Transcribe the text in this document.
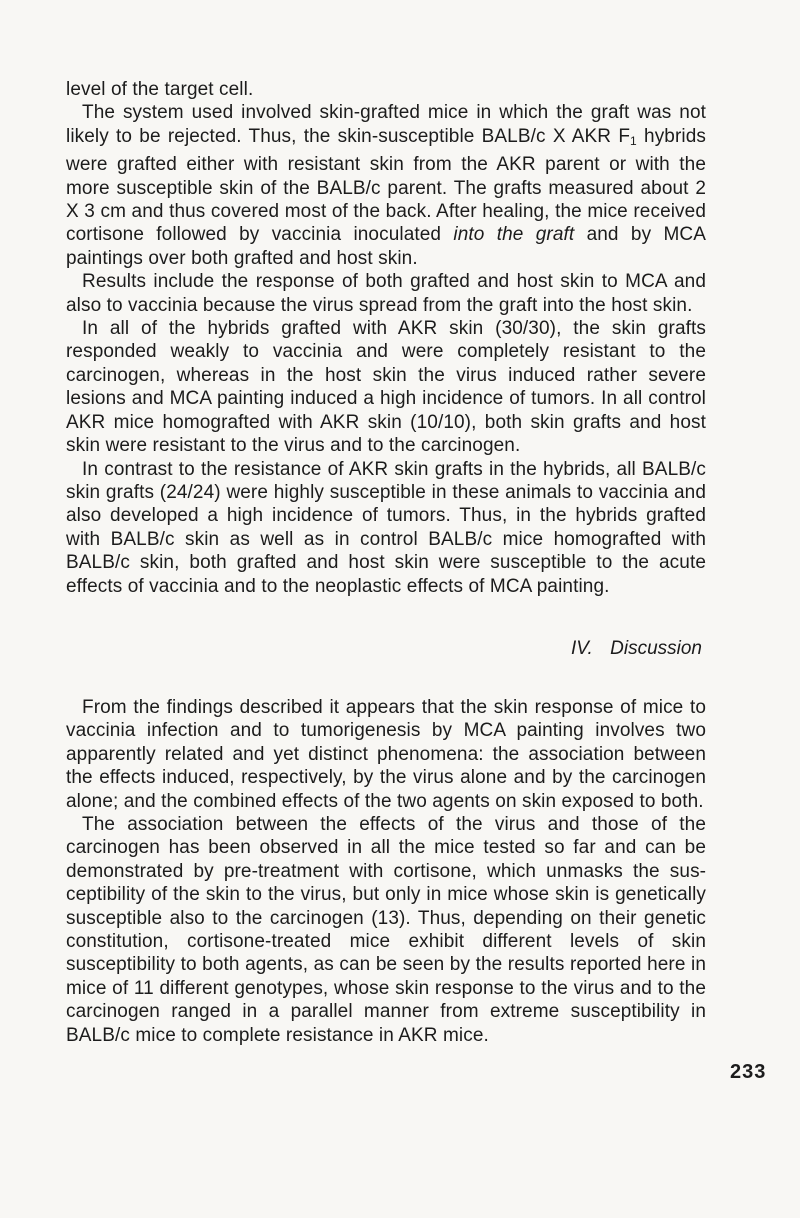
level of the target cell.

The system used involved skin-grafted mice in which the graft was not likely to be rejected. Thus, the skin-susceptible BALB/c X AKR $F_1$ hybrids were grafted either with resistant skin from the AKR parent or with the more susceptible skin of the BALB/c parent. The grafts measured about 2 X 3 cm and thus covered most of the back. After healing, the mice received cortisone followed by vaccinia inoculated into the graft and by MCA paintings over both grafted and host skin.

Results include the response of both grafted and host skin to MCA and also to vaccinia because the virus spread from the graft into the host skin.

In all of the hybrids grafted with AKR skin (30/30), the skin grafts responded weakly to vaccinia and were completely resistant to the carcinogen, whereas in the host skin the virus induced rather severe lesions and MCA painting induced a high incidence of tumors. In all control AKR mice homografted with AKR skin (10/10), both skin grafts and host skin were resistant to the virus and to the carcinogen.

In contrast to the resistance of AKR skin grafts in the hybrids, all BALB/c skin grafts (24/24) were highly susceptible in these animals to vaccinia and also developed a high incidence of tumors. Thus, in the hybrids grafted with BALB/c skin as well as in control BALB/c mice homografted with BALB/c skin, both grafted and host skin were susceptible to the acute effects of vaccinia and to the neoplastic effects of MCA painting.

IV. Discussion

From the findings described it appears that the skin response of mice to vaccinia infection and to tumorigenesis by MCA painting involves two apparently related and yet distinct phenomena: the association between the effects induced, respectively, by the virus alone and by the carcinogen alone; and the combined effects of the two agents on skin exposed to both.

The association between the effects of the virus and those of the carcinogen has been observed in all the mice tested so far and can be demonstrated by pre-treatment with cortisone, which unmasks the susceptibility of the skin to the virus, but only in mice whose skin is genetically susceptible also to the carcinogen (13). Thus, depending on their genetic constitution, cortisone-treated mice exhibit different levels of skin susceptibility to both agents, as can be seen by the results reported here in mice of 11 different genotypes, whose skin response to the virus and to the carcinogen ranged in a parallel manner from extreme susceptibility in BALB/c mice to complete resistance in AKR mice.

233
